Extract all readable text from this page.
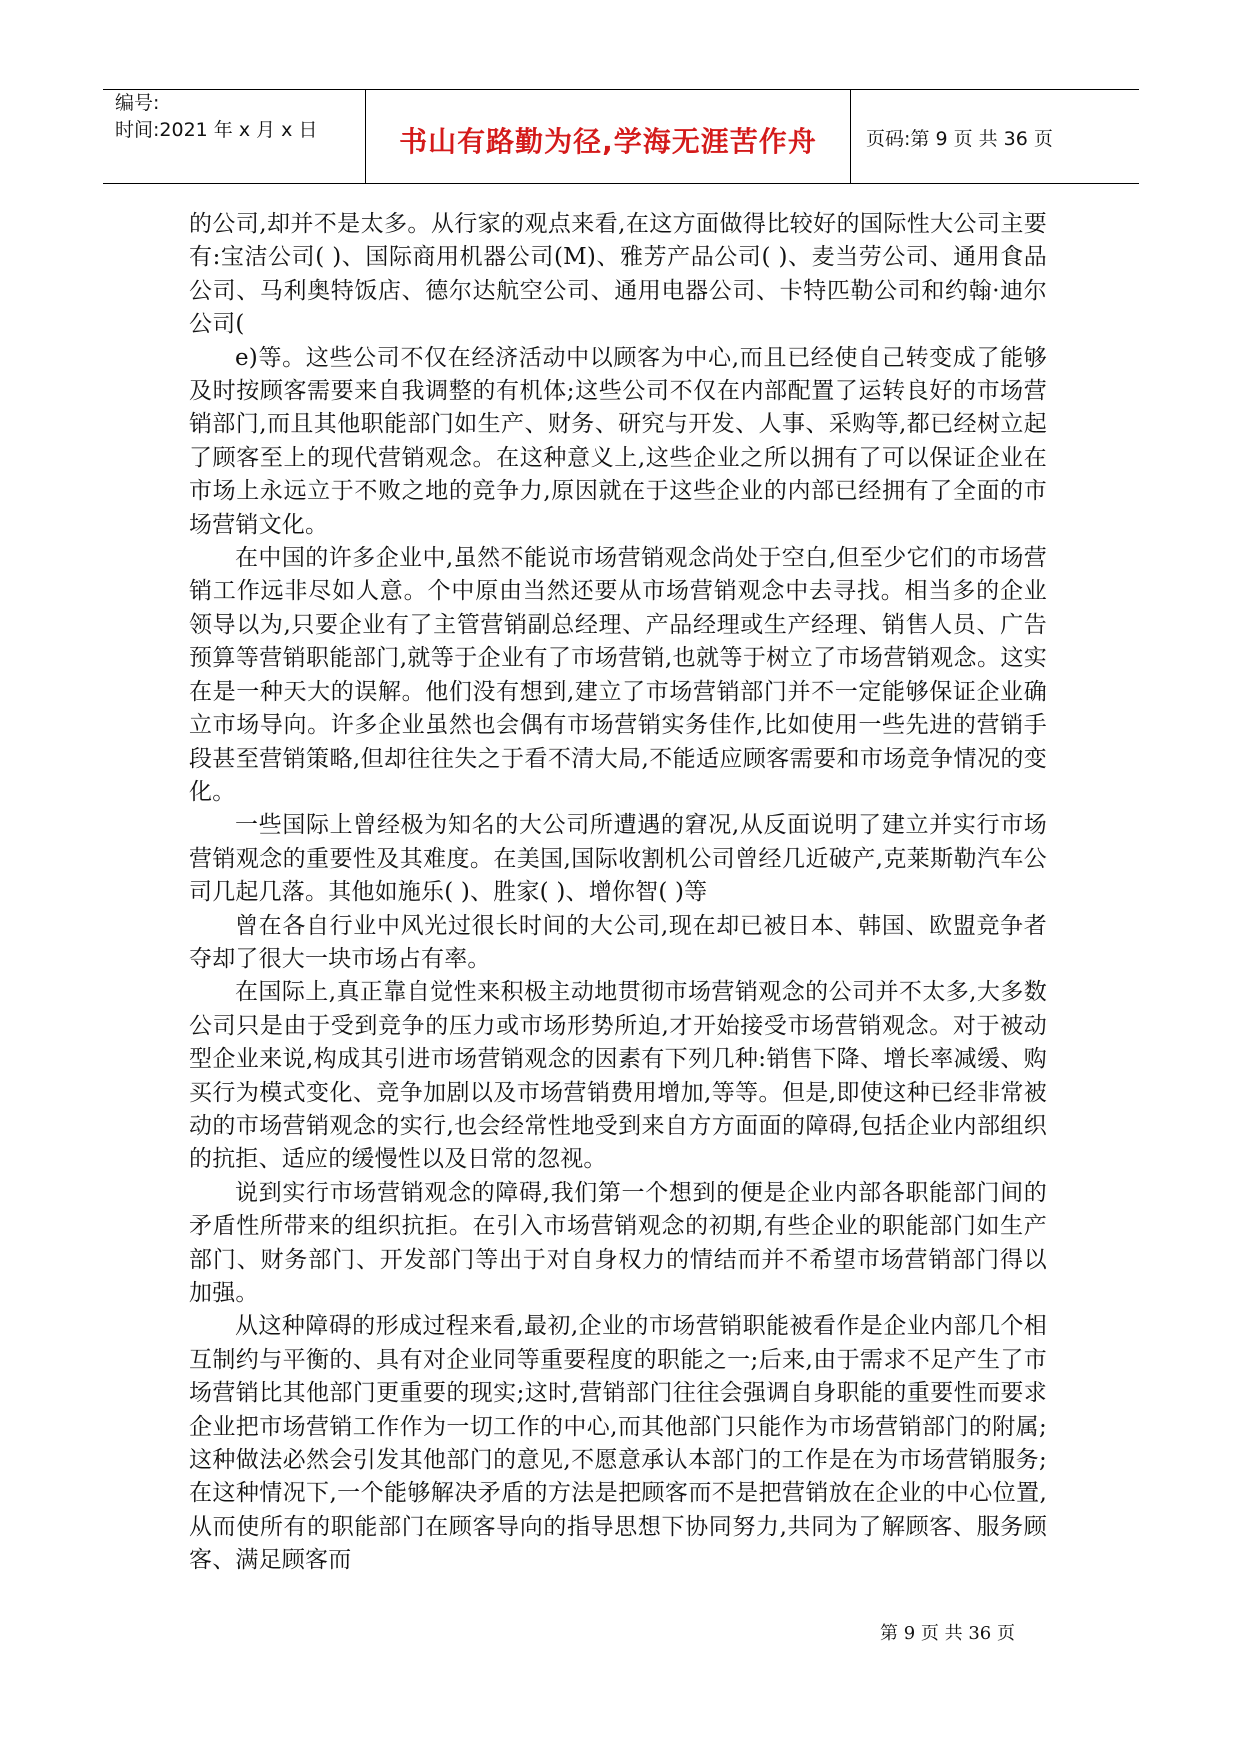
编号:
时间:2021 年 x 月 x 日	书山有路勤为径,学海无涯苦作舟	页码:第 9 页 共 36 页

的公司,却并不是太多。从行家的观点来看,在这方面做得比较好的国际性大公司主要有:宝洁公司( )、国际商用机器公司(M)、雅芳产品公司( )、麦当劳公司、通用食品公司、马利奥特饭店、德尔达航空公司、通用电器公司、卡特匹勒公司和约翰·迪尔公司(

e)等。这些公司不仅在经济活动中以顾客为中心,而且已经使自己转变成了能够及时按顾客需要来自我调整的有机体;这些公司不仅在内部配置了运转良好的市场营销部门,而且其他职能部门如生产、财务、研究与开发、人事、采购等,都已经树立起了顾客至上的现代营销观念。在这种意义上,这些企业之所以拥有了可以保证企业在市场上永远立于不败之地的竞争力,原因就在于这些企业的内部已经拥有了全面的市场营销文化。

在中国的许多企业中,虽然不能说市场营销观念尚处于空白,但至少它们的市场营销工作远非尽如人意。个中原由当然还要从市场营销观念中去寻找。相当多的企业领导以为,只要企业有了主管营销副总经理、产品经理或生产经理、销售人员、广告预算等营销职能部门,就等于企业有了市场营销,也就等于树立了市场营销观念。这实在是一种天大的误解。他们没有想到,建立了市场营销部门并不一定能够保证企业确立市场导向。许多企业虽然也会偶有市场营销实务佳作,比如使用一些先进的营销手段甚至营销策略,但却往往失之于看不清大局,不能适应顾客需要和市场竞争情况的变化。

一些国际上曾经极为知名的大公司所遭遇的窘况,从反面说明了建立并实行市场营销观念的重要性及其难度。在美国,国际收割机公司曾经几近破产,克莱斯勒汽车公司几起几落。其他如施乐( )、胜家( )、增你智( )等

曾在各自行业中风光过很长时间的大公司,现在却已被日本、韩国、欧盟竞争者夺却了很大一块市场占有率。

在国际上,真正靠自觉性来积极主动地贯彻市场营销观念的公司并不太多,大多数公司只是由于受到竞争的压力或市场形势所迫,才开始接受市场营销观念。对于被动型企业来说,构成其引进市场营销观念的因素有下列几种:销售下降、增长率减缓、购买行为模式变化、竞争加剧以及市场营销费用增加,等等。但是,即使这种已经非常被动的市场营销观念的实行,也会经常性地受到来自方方面面的障碍,包括企业内部组织的抗拒、适应的缓慢性以及日常的忽视。

说到实行市场营销观念的障碍,我们第一个想到的便是企业内部各职能部门间的矛盾性所带来的组织抗拒。在引入市场营销观念的初期,有些企业的职能部门如生产部门、财务部门、开发部门等出于对自身权力的情结而并不希望市场营销部门得以加强。

从这种障碍的形成过程来看,最初,企业的市场营销职能被看作是企业内部几个相互制约与平衡的、具有对企业同等重要程度的职能之一;后来,由于需求不足产生了市场营销比其他部门更重要的现实;这时,营销部门往往会强调自身职能的重要性而要求企业把市场营销工作作为一切工作的中心,而其他部门只能作为市场营销部门的附属;这种做法必然会引发其他部门的意见,不愿意承认本部门的工作是在为市场营销服务;在这种情况下,一个能够解决矛盾的方法是把顾客而不是把营销放在企业的中心位置,从而使所有的职能部门在顾客导向的指导思想下协同努力,共同为了解顾客、服务顾客、满足顾客而

第 9 页 共 36 页
